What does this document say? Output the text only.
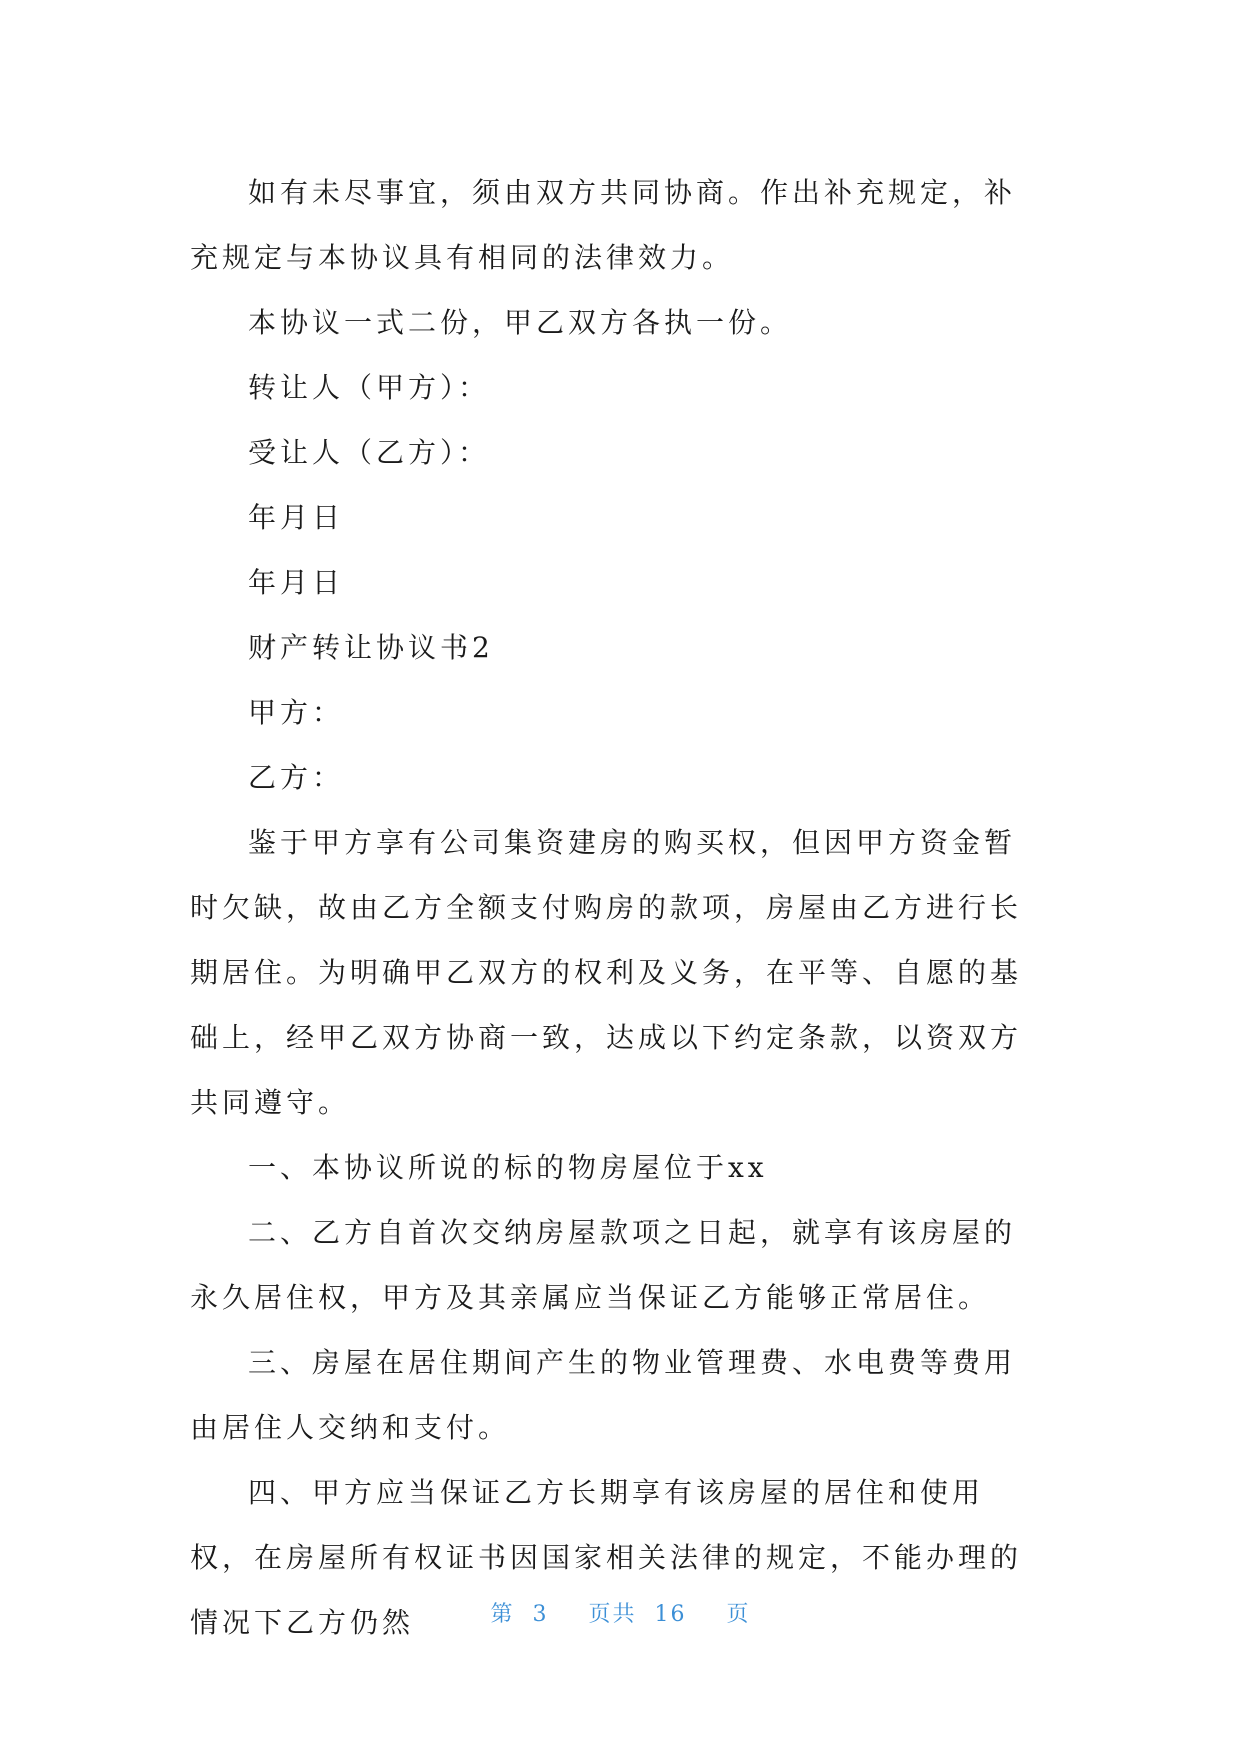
如有未尽事宜，须由双方共同协商。作出补充规定，补充规定与本协议具有相同的法律效力。

本协议一式二份，甲乙双方各执一份。

转让人（甲方）：

受让人（乙方）：

年月日

年月日

财产转让协议书2

甲方：

乙方：

鉴于甲方享有公司集资建房的购买权，但因甲方资金暂时欠缺，故由乙方全额支付购房的款项，房屋由乙方进行长期居住。为明确甲乙双方的权利及义务，在平等、自愿的基础上，经甲乙双方协商一致，达成以下约定条款，以资双方共同遵守。

一、本协议所说的标的物房屋位于xx

二、乙方自首次交纳房屋款项之日起，就享有该房屋的永久居住权，甲方及其亲属应当保证乙方能够正常居住。

三、房屋在居住期间产生的物业管理费、水电费等费用由居住人交纳和支付。

四、甲方应当保证乙方长期享有该房屋的居住和使用权，在房屋所有权证书因国家相关法律的规定，不能办理的情况下乙方仍然	第 3 页共 16 页
